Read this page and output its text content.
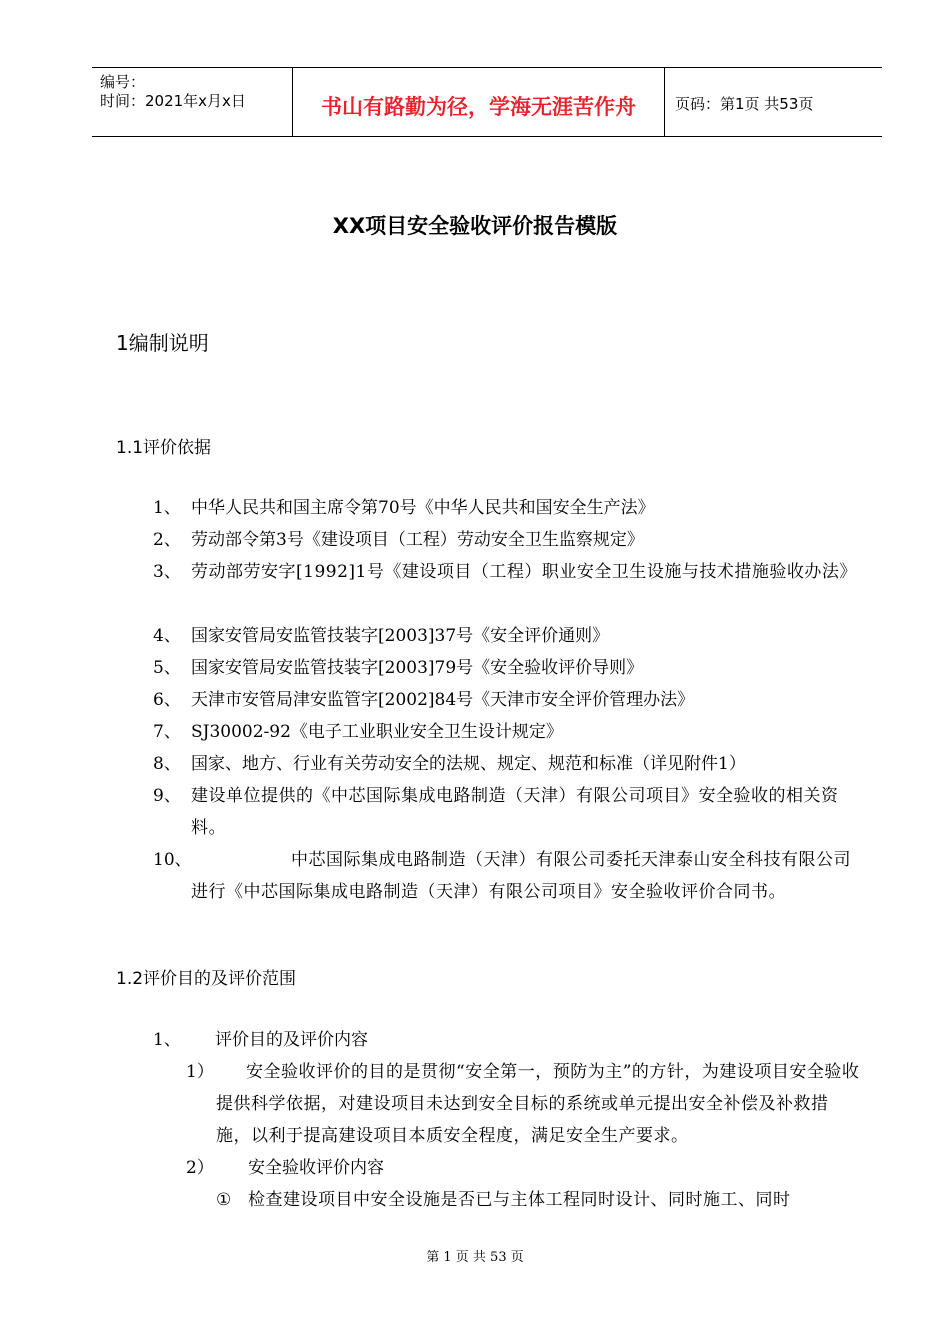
编号：
时间：2021年x月x日	书山有路勤为径，学海无涯苦作舟	页码：第1页 共53页
XX项目安全验收评价报告模版
1编制说明
1.1评价依据
1、 中华人民共和国主席令第70号《中华人民共和国安全生产法》
2、 劳动部令第3号《建设项目（工程）劳动安全卫生监察规定》
3、 劳动部劳安字[1992]1号《建设项目（工程）职业安全卫生设施与技术措施验收办法》
4、 国家安管局安监管技装字[2003]37号《安全评价通则》
5、 国家安管局安监管技装字[2003]79号《安全验收评价导则》
6、 天津市安管局津安监管字[2002]84号《天津市安全评价管理办法》
7、 SJ30002-92《电子工业职业安全卫生设计规定》
8、 国家、地方、行业有关劳动安全的法规、规定、规范和标准（详见附件1）
9、 建设单位提供的《中芯国际集成电路制造（天津）有限公司项目》安全验收的相关资料。
10、	中芯国际集成电路制造（天津）有限公司委托天津泰山安全科技有限公司进行《中芯国际集成电路制造（天津）有限公司项目》安全验收评价合同书。
1.2评价目的及评价范围
1、 评价目的及评价内容
1）	安全验收评价的目的是贯彻“安全第一，预防为主”的方针，为建设项目安全验收提供科学依据，对建设项目未达到安全目标的系统或单元提出安全补偿及补救措施，以利于提高建设项目本质安全程度，满足安全生产要求。
2） 安全验收评价内容
① 检查建设项目中安全设施是否已与主体工程同时设计、同时施工、同时
第 1 页 共 53 页
